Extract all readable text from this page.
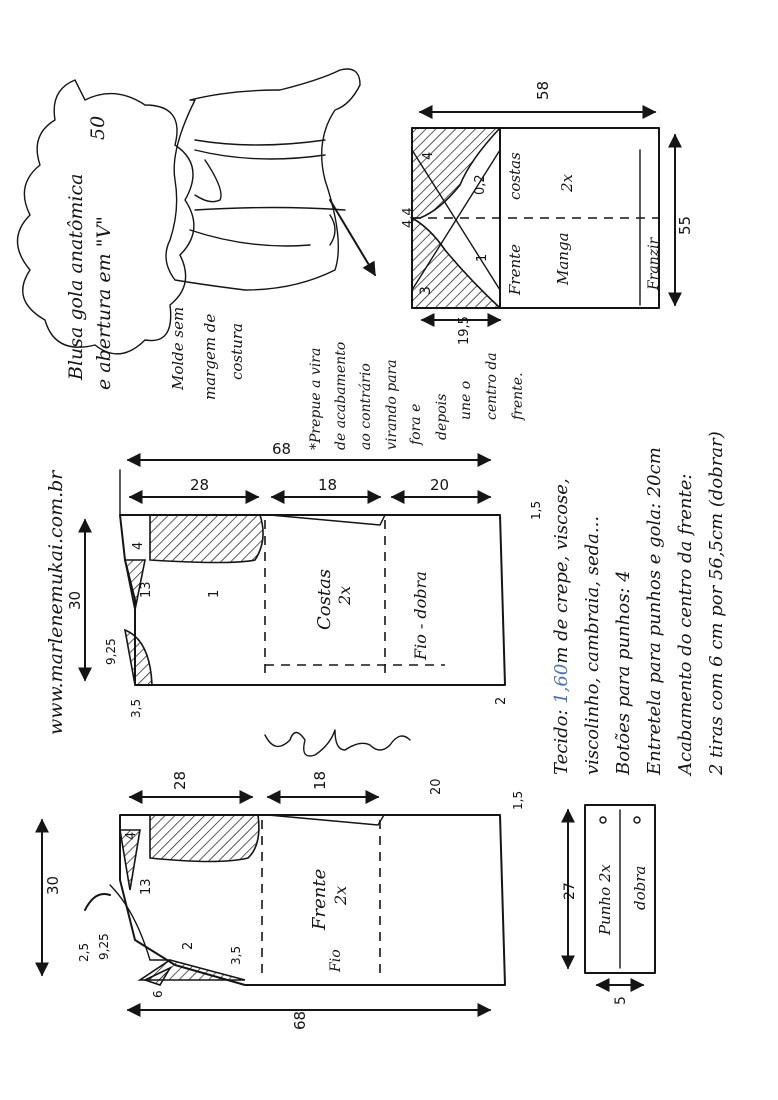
Blusa gola anatômica e abertura em "V"
50
58
55
costas
Frente Manga
2x
Franzir
4
0,2
4,4
1
3
19,5
Molde sem margem de costura	*Prepue a vira de acabamento ao contrário virando para fora e depois une o centro da frente.
www.marlenemukai.com.br	Costas 2x	Fio - dobra
68
30
28	18	20
1,5
4
13
9,25
3,5	2
1
Frente 2x
Fio
68
30
28	18	20
1,5
4
13
9,25
2,5	2
3,5
6
Punho 2x dobra
27
5
Tecido: 1,60m de crepe, viscose, viscolinho, cambraia, seda... Botões para punhos: 4 Entretela para punhos e gola: 20cm Acabamento do centro da frente: 2 tiras com 6 cm por 56,5cm (dobrar)
